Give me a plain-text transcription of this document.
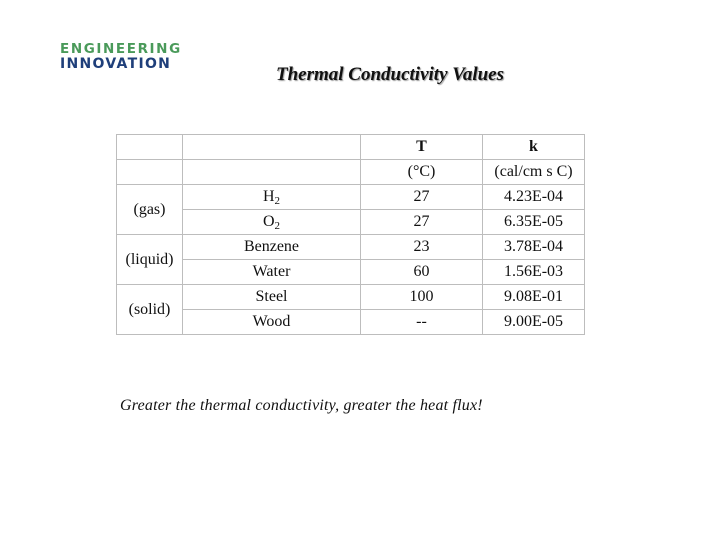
ENGINEERING
INNOVATION	Thermal Conductivity Values
		T	k
		(°C)	(cal/cm s C)
(gas)	$H_2$	27	4.23E-04
	$O_2$	27	6.35E-05
(liquid)	Benzene	23	3.78E-04
	Water	60	1.56E-03
(solid)	Steel	100	9.08E-01
	Wood	--	9.00E-05
Greater the thermal conductivity, greater the heat flux!
